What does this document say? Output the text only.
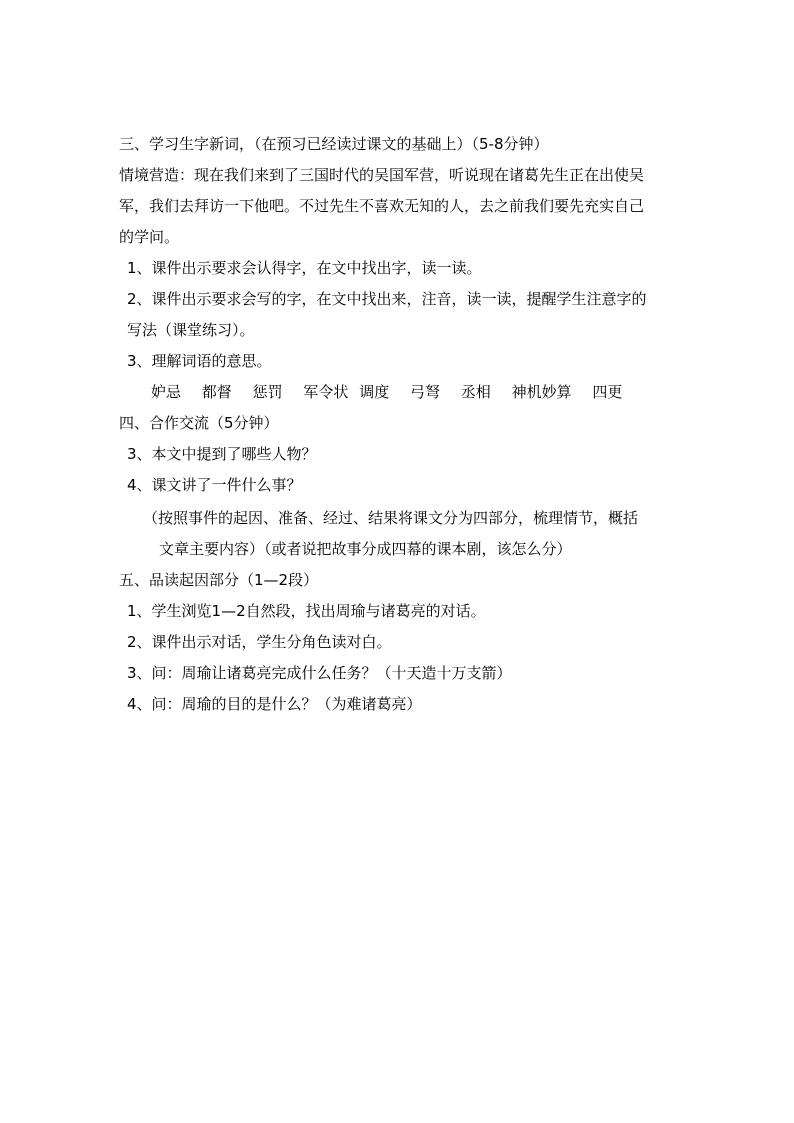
三、学习生字新词，（在预习已经读过课文的基础上）（5-8分钟）
情境营造：现在我们来到了三国时代的吴国军营，听说现在诸葛先生正在出使吴
军，我们去拜访一下他吧。不过先生不喜欢无知的人，去之前我们要先充实自己
的学问。
1、课件出示要求会认得字，在文中找出字，读一读。
2、课件出示要求会写的字，在文中找出来，注音，读一读，提醒学生注意字的
写法（课堂练习）。
3、理解词语的意思。
妒忌 都督 惩罚 军令状 调度 弓弩 丞相 神机妙算 四更
四、合作交流（5分钟）
3、本文中提到了哪些人物？
4、课文讲了一件什么事？
（按照事件的起因、准备、经过、结果将课文分为四部分，梳理情节，概括
文章主要内容）（或者说把故事分成四幕的课本剧，该怎么分）
五、品读起因部分（1—2段）
1、学生浏览1—2自然段，找出周瑜与诸葛亮的对话。
2、课件出示对话，学生分角色读对白。
3、问：周瑜让诸葛亮完成什么任务？（十天造十万支箭）
4、问：周瑜的目的是什么？（为难诸葛亮）
